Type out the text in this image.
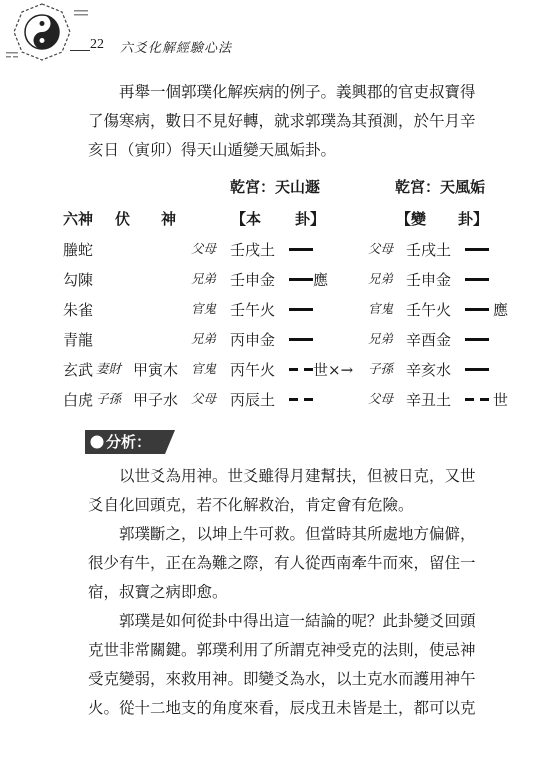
22 六爻化解經驗心法

再舉一個郭璞化解疾病的例子。義興郡的官吏叔寶得了傷寒病，數日不見好轉，就求郭璞為其預測，於午月辛亥日（寅卯）得天山遁變天風姤卦。

乾宮：天山遯	乾宮：天風姤
六神 伏 神	【本 卦】	【變 卦】
螣蛇	父母 壬戌土	父母 壬戌土
勾陳	兄弟 壬申金	應	兄弟 壬申金
朱雀	官鬼 壬午火	官鬼 壬午火	應
青龍	兄弟 丙申金	兄弟 辛酉金
玄武 妻財 甲寅木 官鬼 丙午火	世×→ 子孫 辛亥水
白虎 子孫 甲子水 父母 丙辰土	父母 辛丑土	世
分析：

以世爻為用神。世爻雖得月建幫扶，但被日克，又世爻自化回頭克，若不化解救治，肯定會有危險。

郭璞斷之，以坤上牛可救。但當時其所處地方偏僻，很少有牛，正在為難之際，有人從西南牽牛而來，留住一宿，叔寶之病即愈。

郭璞是如何從卦中得出這一結論的呢？此卦變爻回頭克世非常關鍵。郭璞利用了所謂克神受克的法則，使忌神受克變弱，來救用神。即變爻為水，以土克水而護用神午火。從十二地支的角度來看，辰戌丑未皆是土，都可以克
